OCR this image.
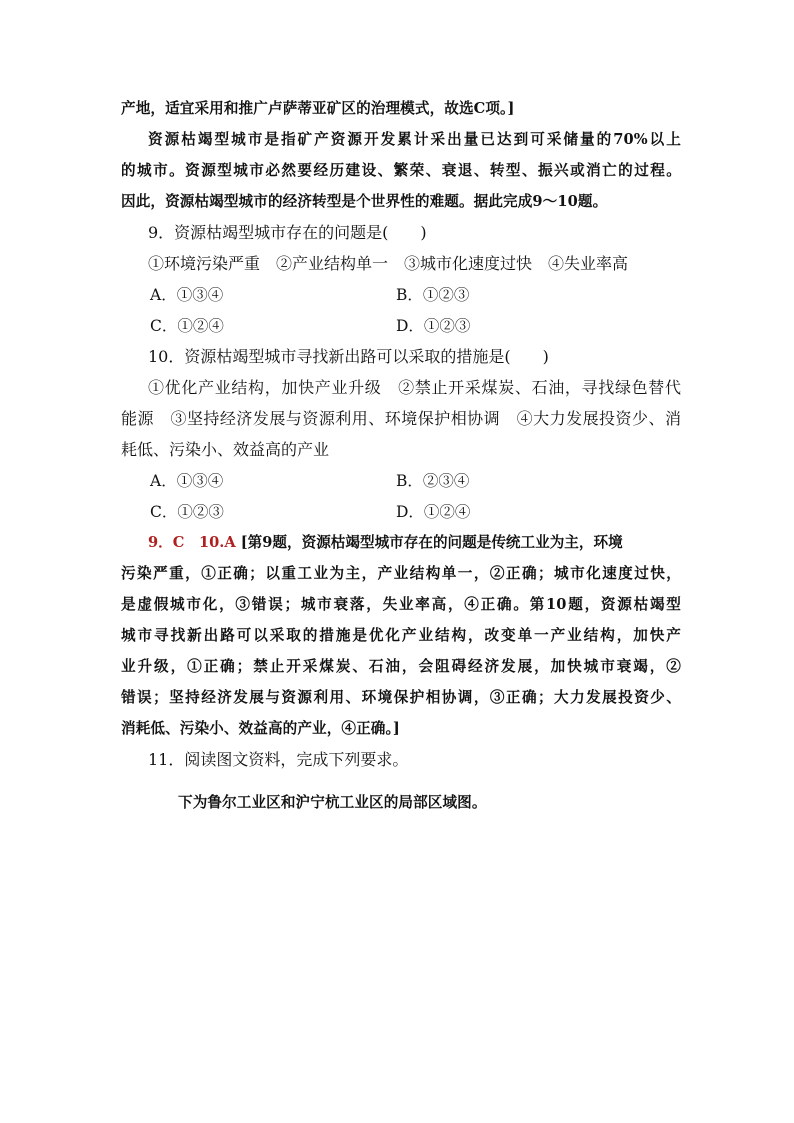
产地，适宜采用和推广卢萨蒂亚矿区的治理模式，故选C项。]
资源枯竭型城市是指矿产资源开发累计采出量已达到可采储量的70%以上
的城市。资源型城市必然要经历建设、繁荣、衰退、转型、振兴或消亡的过程。
因此，资源枯竭型城市的经济转型是个世界性的难题。据此完成9～10题。
9．资源枯竭型城市存在的问题是(　　)
①环境污染严重　②产业结构单一　③城市化速度过快　④失业率高
A．①③④	B．①②③
C．①②④	D．①②③
10．资源枯竭型城市寻找新出路可以采取的措施是(　　)
①优化产业结构，加快产业升级　②禁止开采煤炭、石油，寻找绿色替代
能源　③坚持经济发展与资源利用、环境保护相协调　④大力发展投资少、消
耗低、污染小、效益高的产业
A．①③④	B．②③④
C．①②③	D．①②④
9．C　10.A [第9题，资源枯竭型城市存在的问题是传统工业为主，环境
污染严重，①正确；以重工业为主，产业结构单一，②正确；城市化速度过快，
是虚假城市化，③错误；城市衰落，失业率高，④正确。第10题，资源枯竭型
城市寻找新出路可以采取的措施是优化产业结构，改变单一产业结构，加快产
业升级，①正确；禁止开采煤炭、石油，会阻碍经济发展，加快城市衰竭，②
错误；坚持经济发展与资源利用、环境保护相协调，③正确；大力发展投资少、
消耗低、污染小、效益高的产业，④正确。]
11．阅读图文资料，完成下列要求。
下为鲁尔工业区和沪宁杭工业区的局部区域图。
